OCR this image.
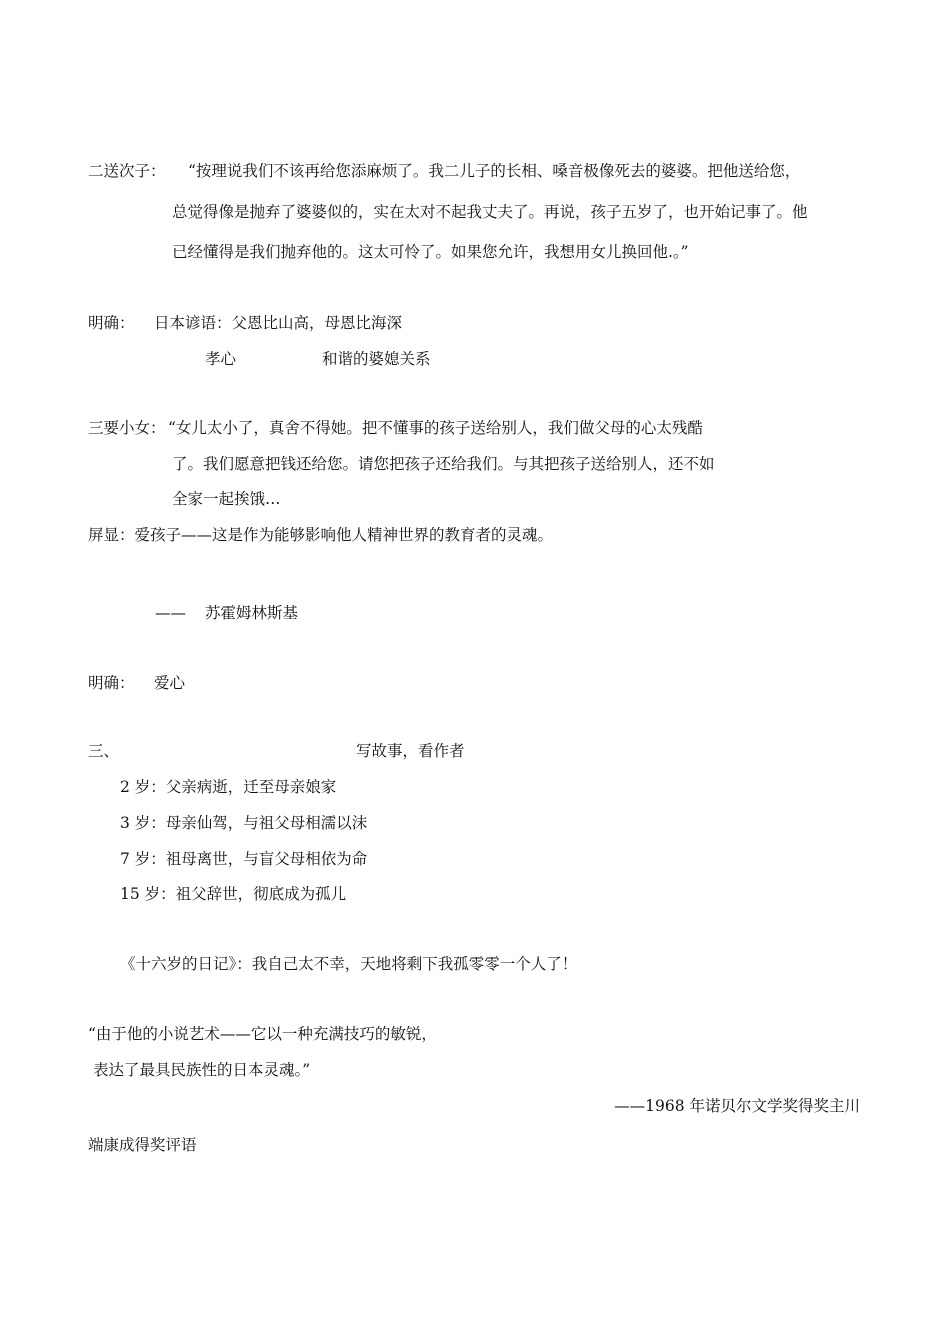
二送次子： “按理说我们不该再给您添麻烦了。我二儿子的长相、嗓音极像死去的婆婆。把他送给您，
总觉得像是抛弃了婆婆似的，实在太对不起我丈夫了。再说，孩子五岁了，也开始记事了。他
已经懂得是我们抛弃他的。这太可怜了。如果您允许，我想用女儿换回他.。”
明确： 日本谚语：父恩比山高，母恩比海深
孝心	和谐的婆媳关系
三要小女： “女儿太小了，真舍不得她。把不懂事的孩子送给别人，我们做父母的心太残酷
了。我们愿意把钱还给您。请您把孩子还给我们。与其把孩子送给别人，还不如
全家一起挨饿…
屏显：爱孩子——这是作为能够影响他人精神世界的教育者的灵魂。
—— 苏霍姆林斯基
明确： 爱心
三、	写故事，看作者
2 岁：父亲病逝，迁至母亲娘家
3 岁：母亲仙驾，与祖父母相濡以沫
7 岁：祖母离世，与盲父母相依为命
15 岁：祖父辞世，彻底成为孤儿
《十六岁的日记》：我自己太不幸，天地将剩下我孤零零一个人了！
“由于他的小说艺术——它以一种充满技巧的敏锐，
表达了最具民族性的日本灵魂。”
——1968 年诺贝尔文学奖得奖主川
端康成得奖评语
